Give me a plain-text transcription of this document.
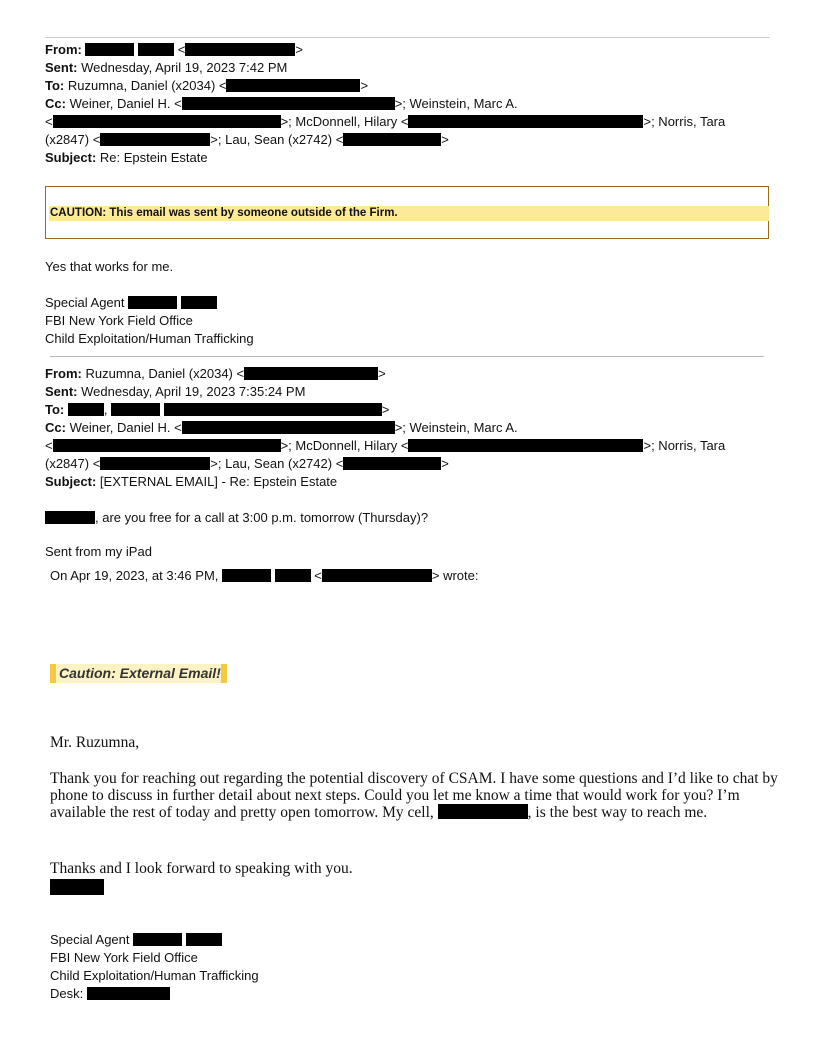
From:	<	>
Sent: Wednesday, April 19, 2023 7:42 PM
To: Ruzumna, Daniel (x2034) <	>
Cc: Weiner, Daniel H. <	>; Weinstein, Marc A.
<	>; McDonnell, Hilary <	>; Norris, Tara
(x2847) <	>; Lau, Sean (x2742) <	>
Subject: Re: Epstein Estate
CAUTION: This email was sent by someone outside of the Firm.
Yes that works for me.
Special Agent
FBI New York Field Office
Child Exploitation/Human Trafficking
From: Ruzumna, Daniel (x2034) <	>
Sent: Wednesday, April 19, 2023 7:35:24 PM
To:	,	>
Cc: Weiner, Daniel H. <	>; Weinstein, Marc A.
<	>; McDonnell, Hilary <	>; Norris, Tara
(x2847) <	>; Lau, Sean (x2742) <	>
Subject: [EXTERNAL EMAIL] - Re: Epstein Estate
, are you free for a call at 3:00 p.m. tomorrow (Thursday)?
Sent from my iPad
On Apr 19, 2023, at 3:46 PM,	<	> wrote:
Caution: External Email!
Mr. Ruzumna,
Thank you for reaching out regarding the potential discovery of CSAM. I have some questions and I’d like to chat by phone to discuss in further detail about next steps. Could you let me know a time that would work for you? I’m available the rest of today and pretty open tomorrow. My cell,	, is the best way to reach me.
Thanks and I look forward to speaking with you.
Special Agent
FBI New York Field Office
Child Exploitation/Human Trafficking
Desk:
